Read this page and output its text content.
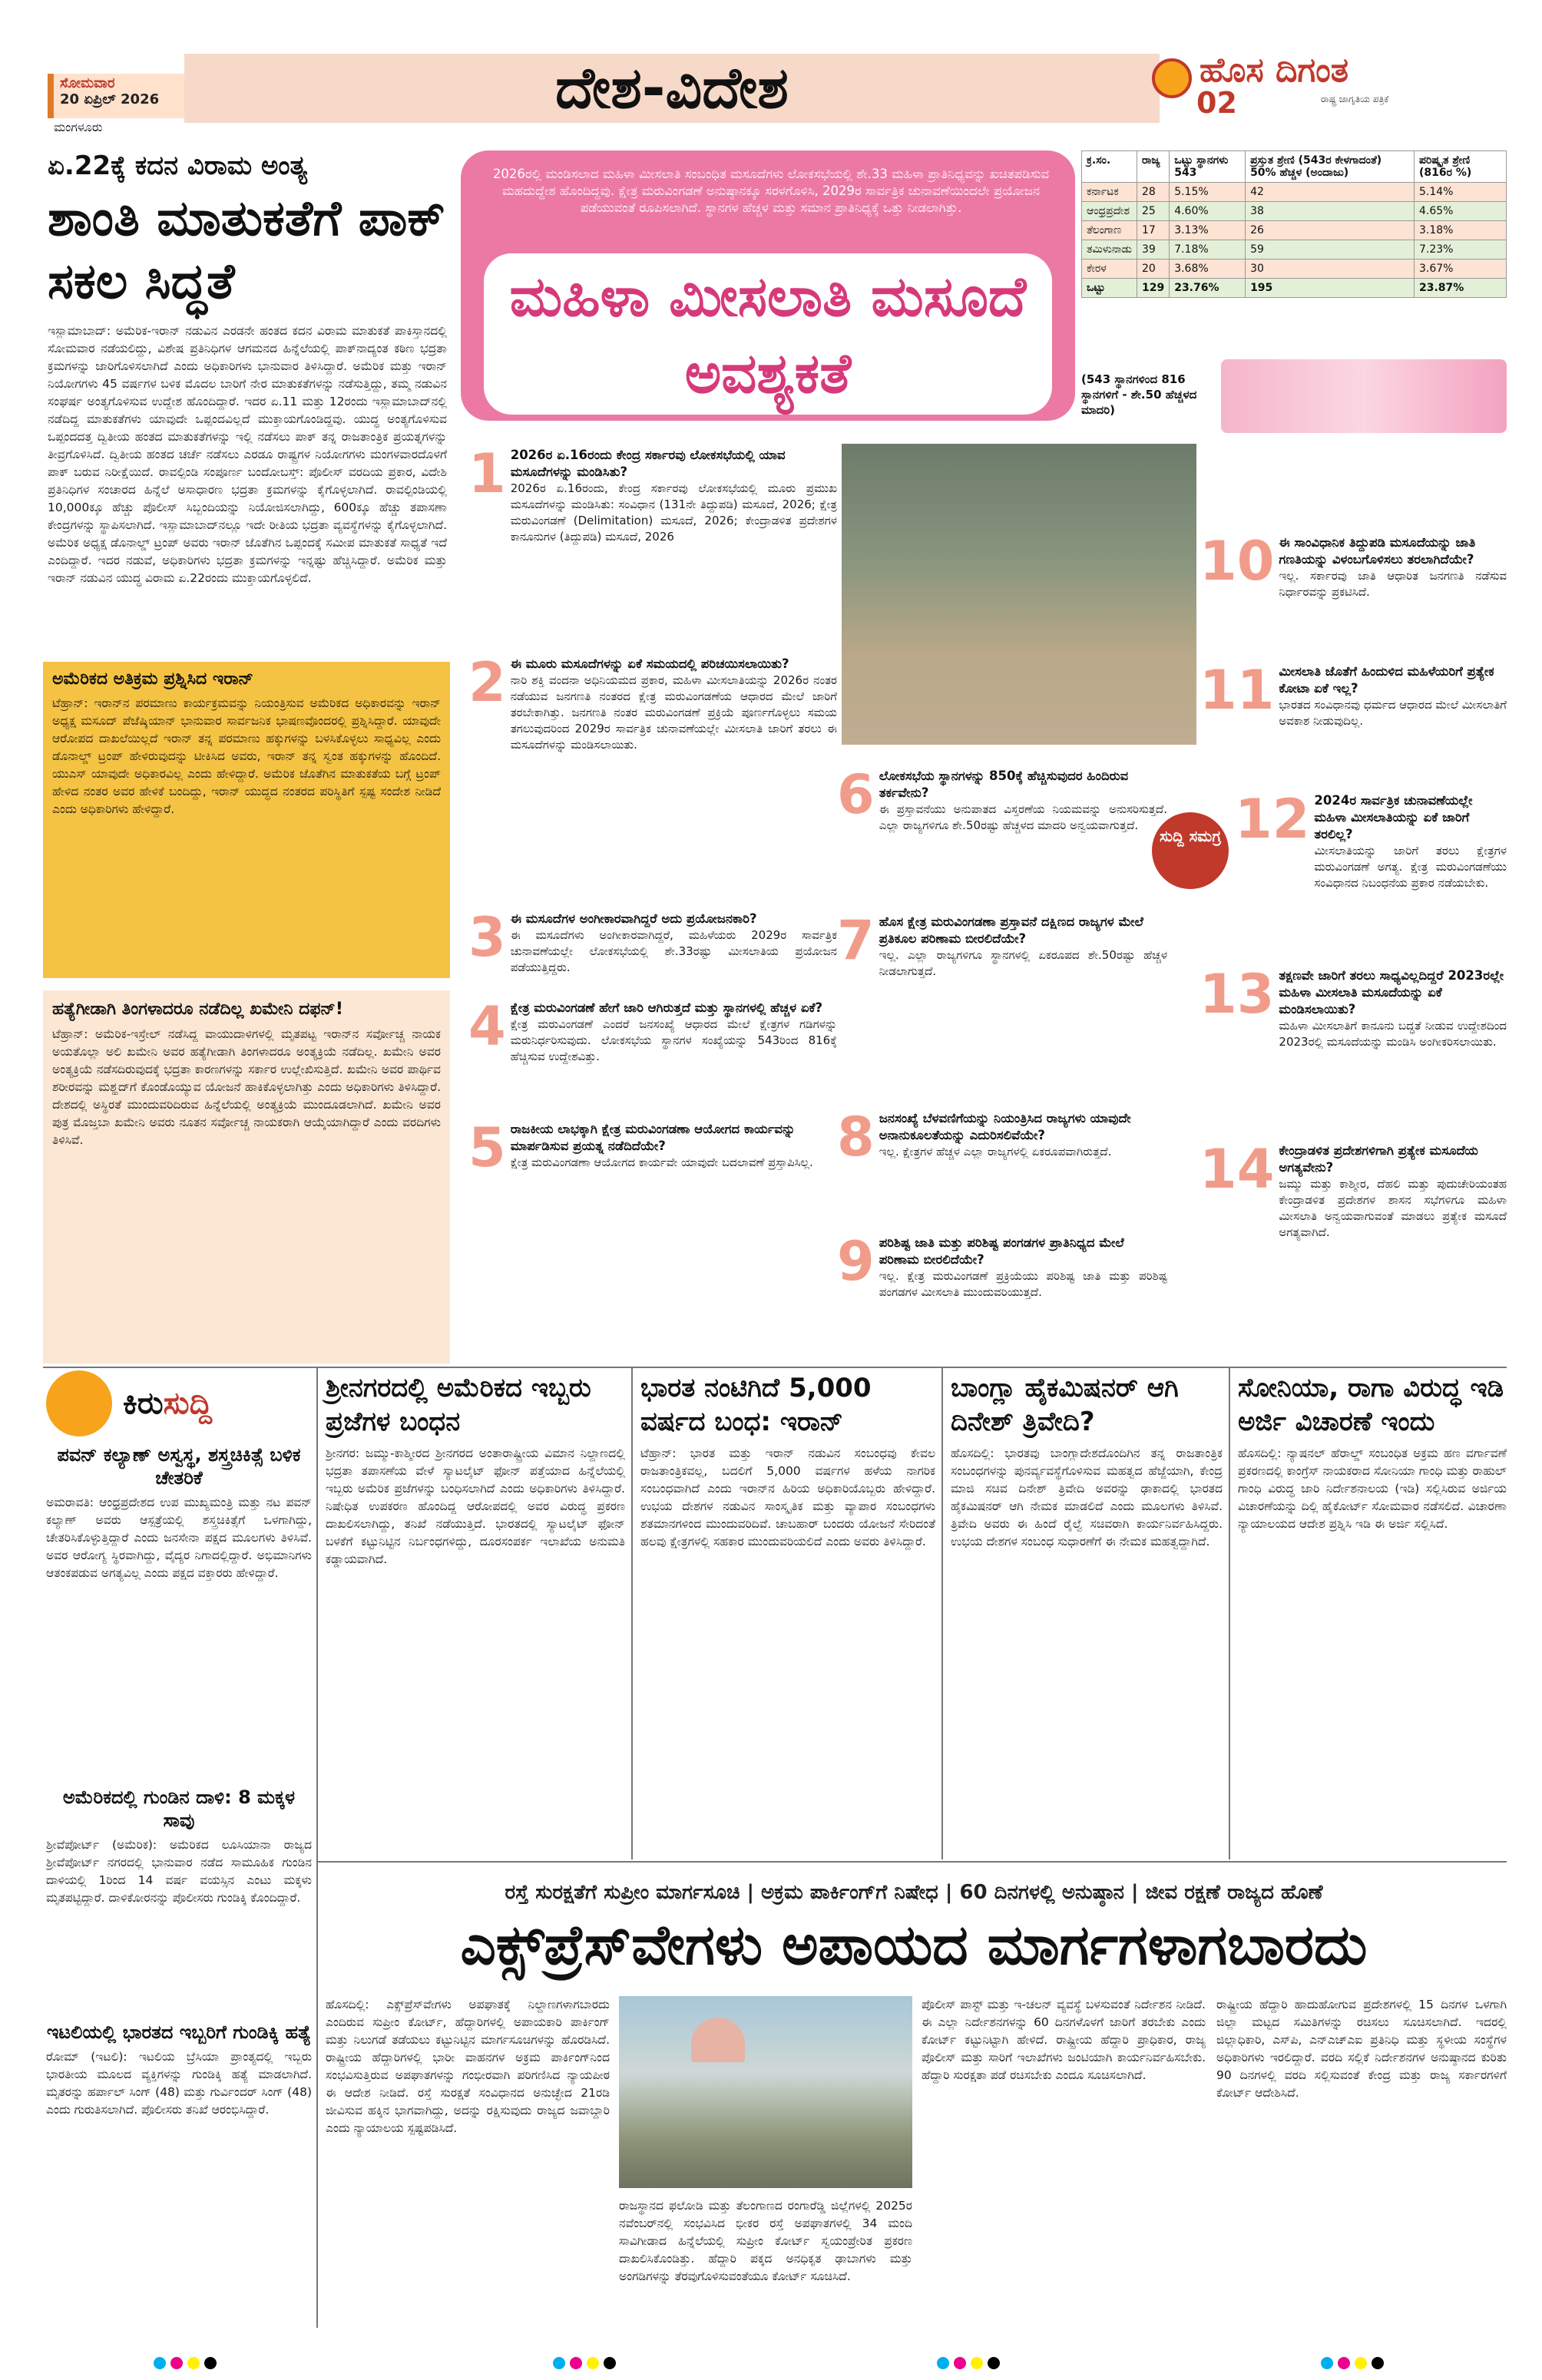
ಸೋಮವಾರ
20 ಏಪ್ರಿಲ್ 2026
ಮಂಗಳೂರು
ದೇಶ-ವಿದೇಶ	ಹೊಸ ದಿಗಂತ
02	ರಾಷ್ಟ್ರ ಜಾಗೃತಿಯ ಪತ್ರಿಕೆ
ಏ.22ಕ್ಕೆ ಕದನ ವಿರಾಮ ಅಂತ್ಯ
ಶಾಂತಿ ಮಾತುಕತೆಗೆ ಪಾಕ್ ಸಕಲ ಸಿದ್ಧತೆ
ಇಸ್ಲಾಮಾಬಾದ್: ಅಮೆರಿಕ-ಇರಾನ್ ನಡುವಿನ ಎರಡನೇ ಹಂತದ ಕದನ ವಿರಾಮ ಮಾತುಕತೆ ಪಾಕಿಸ್ತಾನದಲ್ಲಿ ಸೋಮವಾರ ನಡೆಯಲಿದ್ದು, ವಿಶೇಷ ಪ್ರತಿನಿಧಿಗಳ ಆಗಮನದ ಹಿನ್ನೆಲೆಯಲ್ಲಿ ಪಾಕ್‌ನಾದ್ಯಂತ ಕಠಿಣ ಭದ್ರತಾ ಕ್ರಮಗಳನ್ನು ಜಾರಿಗೊಳಿಸಲಾಗಿದೆ ಎಂದು ಅಧಿಕಾರಿಗಳು ಭಾನುವಾರ ತಿಳಿಸಿದ್ದಾರೆ. ಅಮೆರಿಕ ಮತ್ತು ಇರಾನ್ ನಿಯೋಗಗಳು 45 ವರ್ಷಗಳ ಬಳಿಕ ಮೊದಲ ಬಾರಿಗೆ ನೇರ ಮಾತುಕತೆಗಳನ್ನು ನಡೆಸುತ್ತಿದ್ದು, ತಮ್ಮ ನಡುವಿನ ಸಂಘರ್ಷ ಅಂತ್ಯಗೊಳಿಸುವ ಉದ್ದೇಶ ಹೊಂದಿದ್ದಾರೆ. ಇದರ ಏ.11 ಮತ್ತು 12ರಂದು ಇಸ್ಲಾಮಾಬಾದ್‌ನಲ್ಲಿ ನಡೆದಿದ್ದ ಮಾತುಕತೆಗಳು ಯಾವುದೇ ಒಪ್ಪಂದವಿಲ್ಲದೆ ಮುಕ್ತಾಯಗೊಂಡಿದ್ದವು. ಯುದ್ಧ ಅಂತ್ಯಗೊಳಿಸುವ ಒಪ್ಪಂದದತ್ತ ದ್ವಿತೀಯ ಹಂತದ ಮಾತುಕತೆಗಳನ್ನು ಇಲ್ಲಿ ನಡೆಸಲು ಪಾಕ್ ತನ್ನ ರಾಜತಾಂತ್ರಿಕ ಪ್ರಯತ್ನಗಳನ್ನು ತೀವ್ರಗೊಳಿಸಿದೆ. ದ್ವಿತೀಯ ಹಂತದ ಚರ್ಚೆ ನಡೆಸಲು ಎರಡೂ ರಾಷ್ಟ್ರಗಳ ನಿಯೋಗಗಳು ಮಂಗಳವಾರದೊಳಗೆ ಪಾಕ್ ಬರುವ ನಿರೀಕ್ಷೆಯಿದೆ. ರಾವಲ್ಪಿಂಡಿ ಸಂಪೂರ್ಣ ಬಂದೋಬಸ್ತ್: ಪೊಲೀಸ್ ವರದಿಯ ಪ್ರಕಾರ, ವಿದೇಶಿ ಪ್ರತಿನಿಧಿಗಳ ಸಂಚಾರದ ಹಿನ್ನೆಲೆ ಅಸಾಧಾರಣ ಭದ್ರತಾ ಕ್ರಮಗಳನ್ನು ಕೈಗೊಳ್ಳಲಾಗಿದೆ. ರಾವಲ್ಪಿಂಡಿಯಲ್ಲಿ 10,000ಕ್ಕೂ ಹೆಚ್ಚು ಪೊಲೀಸ್ ಸಿಬ್ಬಂದಿಯನ್ನು ನಿಯೋಜಿಸಲಾಗಿದ್ದು, 600ಕ್ಕೂ ಹೆಚ್ಚು ತಪಾಸಣಾ ಕೇಂದ್ರಗಳನ್ನು ಸ್ಥಾಪಿಸಲಾಗಿದೆ. ಇಸ್ಲಾಮಾಬಾದ್‌ನಲ್ಲೂ ಇದೇ ರೀತಿಯ ಭದ್ರತಾ ವ್ಯವಸ್ಥೆಗಳನ್ನು ಕೈಗೊಳ್ಳಲಾಗಿದೆ. ಅಮೆರಿಕ ಅಧ್ಯಕ್ಷ ಡೊನಾಲ್ಡ್ ಟ್ರಂಪ್ ಅವರು ಇರಾನ್ ಜೊತೆಗಿನ ಒಪ್ಪಂದಕ್ಕೆ ಸಮೀಪ ಮಾತುಕತೆ ಸಾಧ್ಯತೆ ಇದೆ ಎಂದಿದ್ದಾರೆ. ಇದರ ನಡುವೆ, ಅಧಿಕಾರಿಗಳು ಭದ್ರತಾ ಕ್ರಮಗಳನ್ನು ಇನ್ನಷ್ಟು ಹೆಚ್ಚಿಸಿದ್ದಾರೆ. ಅಮೆರಿಕ ಮತ್ತು ಇರಾನ್ ನಡುವಿನ ಯುದ್ಧ ವಿರಾಮ ಏ.22ರಂದು ಮುಕ್ತಾಯಗೊಳ್ಳಲಿದೆ.
ಅಮೆರಿಕದ ಅತಿಕ್ರಮ ಪ್ರಶ್ನಿಸಿದ ಇರಾನ್
ಟೆಹ್ರಾನ್: ಇರಾನ್‌ನ ಪರಮಾಣು ಕಾರ್ಯಕ್ರಮವನ್ನು ನಿಯಂತ್ರಿಸುವ ಅಮೆರಿಕದ ಅಧಿಕಾರವನ್ನು ಇರಾನ್ ಅಧ್ಯಕ್ಷ ಮಸೂದ್ ಪೆಜೆಷ್ಕಿಯಾನ್ ಭಾನುವಾರ ಸಾರ್ವಜನಿಕ ಭಾಷಣವೊಂದರಲ್ಲಿ ಪ್ರಶ್ನಿಸಿದ್ದಾರೆ. ಯಾವುದೇ ಆರೋಪದ ದಾಖಲೆಯಿಲ್ಲದೆ ಇರಾನ್ ತನ್ನ ಪರಮಾಣು ಹಕ್ಕುಗಳನ್ನು ಬಳಸಿಕೊಳ್ಳಲು ಸಾಧ್ಯವಿಲ್ಲ ಎಂದು ಡೊನಾಲ್ಡ್ ಟ್ರಂಪ್ ಹೇಳಿರುವುದನ್ನು ಟೀಕಿಸಿದ ಅವರು, ಇರಾನ್ ತನ್ನ ಸ್ವಂತ ಹಕ್ಕುಗಳನ್ನು ಹೊಂದಿದೆ. ಯುಎಸ್ ಯಾವುದೇ ಅಧಿಕಾರವಿಲ್ಲ ಎಂದು ಹೇಳಿದ್ದಾರೆ. ಅಮೆರಿಕ ಜೊತೆಗಿನ ಮಾತುಕತೆಯ ಬಗ್ಗೆ ಟ್ರಂಪ್ ಹೇಳಿದ ನಂತರ ಅವರ ಹೇಳಿಕೆ ಬಂದಿದ್ದು, ಇರಾನ್ ಯುದ್ಧದ ನಂತರದ ಪರಿಸ್ಥಿತಿಗೆ ಸ್ಪಷ್ಟ ಸಂದೇಶ ನೀಡಿದೆ ಎಂದು ಅಧಿಕಾರಿಗಳು ಹೇಳಿದ್ದಾರೆ.
ಹತ್ಯೆಗೀಡಾಗಿ ತಿಂಗಳಾದರೂ ನಡೆದಿಲ್ಲ ಖಮೇನಿ ದಫನ್!
ಟೆಹ್ರಾನ್: ಅಮೆರಿಕ-ಇಸ್ರೇಲ್ ನಡೆಸಿದ್ದ ವಾಯುದಾಳಿಗಳಲ್ಲಿ ಮೃತಪಟ್ಟ ಇರಾನ್‌ನ ಸರ್ವೋಚ್ಚ ನಾಯಕ ಅಯತೊಲ್ಲಾ ಅಲಿ ಖಮೇನಿ ಅವರ ಹತ್ಯೆಗೀಡಾಗಿ ತಿಂಗಳಾದರೂ ಅಂತ್ಯಕ್ರಿಯೆ ನಡೆದಿಲ್ಲ. ಖಮೇನಿ ಅವರ ಅಂತ್ಯಕ್ರಿಯೆ ನಡೆಸದಿರುವುದಕ್ಕೆ ಭದ್ರತಾ ಕಾರಣಗಳನ್ನು ಸರ್ಕಾರ ಉಲ್ಲೇಖಿಸುತ್ತಿದೆ. ಖಮೇನಿ ಅವರ ಪಾರ್ಥಿವ ಶರೀರವನ್ನು ಮಶ್ಹದ್‌ಗೆ ಕೊಂಡೊಯ್ಯುವ ಯೋಜನೆ ಹಾಕಿಕೊಳ್ಳಲಾಗಿತ್ತು ಎಂದು ಅಧಿಕಾರಿಗಳು ತಿಳಿಸಿದ್ದಾರೆ. ದೇಶದಲ್ಲಿ ಅಸ್ಥಿರತೆ ಮುಂದುವರಿದಿರುವ ಹಿನ್ನೆಲೆಯಲ್ಲಿ ಅಂತ್ಯಕ್ರಿಯೆ ಮುಂದೂಡಲಾಗಿದೆ. ಖಮೇನಿ ಅವರ ಪುತ್ರ ಮೊಜ್ತಬಾ ಖಮೇನಿ ಅವರು ನೂತನ ಸರ್ವೋಚ್ಚ ನಾಯಕರಾಗಿ ಆಯ್ಕೆಯಾಗಿದ್ದಾರೆ ಎಂದು ವರದಿಗಳು ತಿಳಿಸಿವೆ.
2026ರಲ್ಲಿ ಮಂಡಿಸಲಾದ ಮಹಿಳಾ ಮೀಸಲಾತಿ ಸಂಬಂಧಿತ ಮಸೂದೆಗಳು ಲೋಕಸಭೆಯಲ್ಲಿ ಶೇ.33 ಮಹಿಳಾ ಪ್ರಾತಿನಿಧ್ಯವನ್ನು ಖಚಿತಪಡಿಸುವ ಮಹದುದ್ದೇಶ ಹೊಂದಿದ್ದವು. ಕ್ಷೇತ್ರ ಮರುವಿಂಗಡಣೆ ಅನುಷ್ಠಾನಕ್ಕೂ ಸರಳಗೊಳಿಸಿ, 2029ರ ಸಾರ್ವತ್ರಿಕ ಚುನಾವಣೆಯಿಂದಲೇ ಪ್ರಯೋಜನ ಪಡೆಯುವಂತೆ ರೂಪಿಸಲಾಗಿದೆ. ಸ್ಥಾನಗಳ ಹೆಚ್ಚಳ ಮತ್ತು ಸಮಾನ ಪ್ರಾತಿನಿಧ್ಯಕ್ಕೆ ಒತ್ತು ನೀಡಲಾಗಿತ್ತು.
ಮಹಿಳಾ ಮೀಸಲಾತಿ ಮಸೂದೆ ಅವಶ್ಯಕತೆ
ಕ್ರ.ಸಂ.	ರಾಜ್ಯ	ಒಟ್ಟು ಸ್ಥಾನಗಳು 543	ಪ್ರಸ್ತುತ ಶ್ರೇಣಿ (543ರ ಕೇಳಗಾದಂತೆ) 50% ಹೆಚ್ಚಳ (ಅಂದಾಜು)	ಪರಿಷ್ಕೃತ ಶ್ರೇಣಿ (816ರ %)
ಕರ್ನಾಟಕ	28	5.15%	42	5.14%
ಆಂಧ್ರಪ್ರದೇಶ	25	4.60%	38	4.65%
ತೆಲಂಗಾಣ	17	3.13%	26	3.18%
ತಮಿಳುನಾಡು	39	7.18%	59	7.23%
ಕೇರಳ	20	3.68%	30	3.67%
ಒಟ್ಟು	129	23.76%	195	23.87%
(543 ಸ್ಥಾನಗಳಿಂದ 816 ಸ್ಥಾನಗಳಿಗೆ - ಶೇ.50 ಹೆಚ್ಚಳದ ಮಾದರಿ)
1 2026ರ ಏ.16ರಂದು ಕೇಂದ್ರ ಸರ್ಕಾರವು ಲೋಕಸಭೆಯಲ್ಲಿ ಯಾವ ಮಸೂದೆಗಳನ್ನು ಮಂಡಿಸಿತು?
2026ರ ಏ.16ರಂದು, ಕೇಂದ್ರ ಸರ್ಕಾರವು ಲೋಕಸಭೆಯಲ್ಲಿ ಮೂರು ಪ್ರಮುಖ ಮಸೂದೆಗಳನ್ನು ಮಂಡಿಸಿತು: ಸಂವಿಧಾನ (131ನೇ ತಿದ್ದುಪಡಿ) ಮಸೂದೆ, 2026; ಕ್ಷೇತ್ರ ಮರುವಿಂಗಡಣೆ (Delimitation) ಮಸೂದೆ, 2026; ಕೇಂದ್ರಾಡಳಿತ ಪ್ರದೇಶಗಳ ಕಾನೂನುಗಳ (ತಿದ್ದುಪಡಿ) ಮಸೂದೆ, 2026
2 ಈ ಮೂರು ಮಸೂದೆಗಳನ್ನು ಏಕೆ ಸಮಯದಲ್ಲಿ ಪರಿಚಯಿಸಲಾಯಿತು?
ನಾರಿ ಶಕ್ತಿ ವಂದನಾ ಅಧಿನಿಯಮದ ಪ್ರಕಾರ, ಮಹಿಳಾ ಮೀಸಲಾತಿಯನ್ನು 2026ರ ನಂತರ ನಡೆಯುವ ಜನಗಣತಿ ನಂತರದ ಕ್ಷೇತ್ರ ಮರುವಿಂಗಡಣೆಯ ಆಧಾರದ ಮೇಲೆ ಜಾರಿಗೆ ತರಬೇಕಾಗಿತ್ತು. ಜನಗಣತಿ ನಂತರ ಮರುವಿಂಗಡಣೆ ಪ್ರಕ್ರಿಯೆ ಪೂರ್ಣಗೊಳ್ಳಲು ಸಮಯ ತಗಲುವುದರಿಂದ 2029ರ ಸಾರ್ವತ್ರಿಕ ಚುನಾವಣೆಯಲ್ಲೇ ಮೀಸಲಾತಿ ಜಾರಿಗೆ ತರಲು ಈ ಮಸೂದೆಗಳನ್ನು ಮಂಡಿಸಲಾಯಿತು.
3 ಈ ಮಸೂದೆಗಳ ಅಂಗೀಕಾರವಾಗಿದ್ದರೆ ಅದು ಪ್ರಯೋಜನಕಾರಿ?
ಈ ಮಸೂದೆಗಳು ಅಂಗೀಕಾರವಾಗಿದ್ದರೆ, ಮಹಿಳೆಯರು 2029ರ ಸಾರ್ವತ್ರಿಕ ಚುನಾವಣೆಯಲ್ಲೇ ಲೋಕಸಭೆಯಲ್ಲಿ ಶೇ.33ರಷ್ಟು ಮೀಸಲಾತಿಯ ಪ್ರಯೋಜನ ಪಡೆಯುತ್ತಿದ್ದರು.
4 ಕ್ಷೇತ್ರ ಮರುವಿಂಗಡಣೆ ಹೇಗೆ ಜಾರಿ ಆಗಿರುತ್ತದೆ ಮತ್ತು ಸ್ಥಾನಗಳಲ್ಲಿ ಹೆಚ್ಚಳ ಏಕೆ?
ಕ್ಷೇತ್ರ ಮರುವಿಂಗಡಣೆ ಎಂದರೆ ಜನಸಂಖ್ಯೆ ಆಧಾರದ ಮೇಲೆ ಕ್ಷೇತ್ರಗಳ ಗಡಿಗಳನ್ನು ಮರುನಿರ್ಧರಿಸುವುದು. ಲೋಕಸಭೆಯ ಸ್ಥಾನಗಳ ಸಂಖ್ಯೆಯನ್ನು 543ರಿಂದ 816ಕ್ಕೆ ಹೆಚ್ಚಿಸುವ ಉದ್ದೇಶವಿತ್ತು.
5 ರಾಜಕೀಯ ಲಾಭಕ್ಕಾಗಿ ಕ್ಷೇತ್ರ ಮರುವಿಂಗಡಣಾ ಆಯೋಗದ ಕಾರ್ಯವನ್ನು ಮಾರ್ಪಡಿಸುವ ಪ್ರಯತ್ನ ನಡೆದಿದೆಯೇ?
ಕ್ಷೇತ್ರ ಮರುವಿಂಗಡಣಾ ಆಯೋಗದ ಕಾರ್ಯವೇ ಯಾವುದೇ ಬದಲಾವಣೆ ಪ್ರಸ್ತಾಪಿಸಿಲ್ಲ.
6 ಲೋಕಸಭೆಯ ಸ್ಥಾನಗಳನ್ನು 850ಕ್ಕೆ ಹೆಚ್ಚಿಸುವುದರ ಹಿಂದಿರುವ ತರ್ಕವೇನು?
ಈ ಪ್ರಸ್ತಾವನೆಯು ಅನುಪಾತದ ವಿಸ್ತರಣೆಯ ನಿಯಮವನ್ನು ಅನುಸರಿಸುತ್ತದೆ. ಎಲ್ಲಾ ರಾಜ್ಯಗಳಿಗೂ ಶೇ.50ರಷ್ಟು ಹೆಚ್ಚಳದ ಮಾದರಿ ಅನ್ವಯವಾಗುತ್ತದೆ.
7 ಹೊಸ ಕ್ಷೇತ್ರ ಮರುವಿಂಗಡಣಾ ಪ್ರಸ್ತಾವನೆ ದಕ್ಷಿಣದ ರಾಜ್ಯಗಳ ಮೇಲೆ ಪ್ರತಿಕೂಲ ಪರಿಣಾಮ ಬೀರಲಿದೆಯೇ?
ಇಲ್ಲ. ಎಲ್ಲಾ ರಾಜ್ಯಗಳಿಗೂ ಸ್ಥಾನಗಳಲ್ಲಿ ಏಕರೂಪದ ಶೇ.50ರಷ್ಟು ಹೆಚ್ಚಳ ನೀಡಲಾಗುತ್ತದೆ.
8 ಜನಸಂಖ್ಯೆ ಬೆಳವಣಿಗೆಯನ್ನು ನಿಯಂತ್ರಿಸಿದ ರಾಜ್ಯಗಳು ಯಾವುದೇ ಅನಾನುಕೂಲತೆಯನ್ನು ಎದುರಿಸಲಿವೆಯೇ?
ಇಲ್ಲ. ಕ್ಷೇತ್ರಗಳ ಹೆಚ್ಚಳ ಎಲ್ಲಾ ರಾಜ್ಯಗಳಲ್ಲಿ ಏಕರೂಪವಾಗಿರುತ್ತದೆ.
9 ಪರಿಶಿಷ್ಟ ಜಾತಿ ಮತ್ತು ಪರಿಶಿಷ್ಟ ಪಂಗಡಗಳ ಪ್ರಾತಿನಿಧ್ಯದ ಮೇಲೆ ಪರಿಣಾಮ ಬೀರಲಿದೆಯೇ?
ಇಲ್ಲ. ಕ್ಷೇತ್ರ ಮರುವಿಂಗಡಣೆ ಪ್ರಕ್ರಿಯೆಯು ಪರಿಶಿಷ್ಟ ಜಾತಿ ಮತ್ತು ಪರಿಶಿಷ್ಟ ಪಂಗಡಗಳ ಮೀಸಲಾತಿ ಮುಂದುವರಿಯುತ್ತದೆ.
10 ಈ ಸಾಂವಿಧಾನಿಕ ತಿದ್ದುಪಡಿ ಮಸೂದೆಯನ್ನು ಜಾತಿ ಗಣತಿಯನ್ನು ವಿಳಂಬಗೊಳಿಸಲು ತರಲಾಗಿದೆಯೇ?
ಇಲ್ಲ. ಸರ್ಕಾರವು ಜಾತಿ ಆಧಾರಿತ ಜನಗಣತಿ ನಡೆಸುವ ನಿರ್ಧಾರವನ್ನು ಪ್ರಕಟಿಸಿದೆ.
11 ಮೀಸಲಾತಿ ಜೊತೆಗೆ ಹಿಂದುಳಿದ ಮಹಿಳೆಯರಿಗೆ ಪ್ರತ್ಯೇಕ ಕೋಟಾ ಏಕೆ ಇಲ್ಲ?
ಭಾರತದ ಸಂವಿಧಾನವು ಧರ್ಮದ ಆಧಾರದ ಮೇಲೆ ಮೀಸಲಾತಿಗೆ ಅವಕಾಶ ನೀಡುವುದಿಲ್ಲ.
12 2024ರ ಸಾರ್ವತ್ರಿಕ ಚುನಾವಣೆಯಲ್ಲೇ ಮಹಿಳಾ ಮೀಸಲಾತಿಯನ್ನು ಏಕೆ ಜಾರಿಗೆ ತರಲಿಲ್ಲ?
ಮೀಸಲಾತಿಯನ್ನು ಜಾರಿಗೆ ತರಲು ಕ್ಷೇತ್ರಗಳ ಮರುವಿಂಗಡಣೆ ಅಗತ್ಯ. ಕ್ಷೇತ್ರ ಮರುವಿಂಗಡಣೆಯು ಸಂವಿಧಾನದ ನಿಬಂಧನೆಯ ಪ್ರಕಾರ ನಡೆಯಬೇಕು.
13 ತಕ್ಷಣವೇ ಜಾರಿಗೆ ತರಲು ಸಾಧ್ಯವಿಲ್ಲದಿದ್ದರೆ 2023ರಲ್ಲೇ ಮಹಿಳಾ ಮೀಸಲಾತಿ ಮಸೂದೆಯನ್ನು ಏಕೆ ಮಂಡಿಸಲಾಯಿತು?
ಮಹಿಳಾ ಮೀಸಲಾತಿಗೆ ಕಾನೂನು ಬದ್ಧತೆ ನೀಡುವ ಉದ್ದೇಶದಿಂದ 2023ರಲ್ಲಿ ಮಸೂದೆಯನ್ನು ಮಂಡಿಸಿ ಅಂಗೀಕರಿಸಲಾಯಿತು.
14 ಕೇಂದ್ರಾಡಳಿತ ಪ್ರದೇಶಗಳಿಗಾಗಿ ಪ್ರತ್ಯೇಕ ಮಸೂದೆಯ ಅಗತ್ಯವೇನು?
ಜಮ್ಮು ಮತ್ತು ಕಾಶ್ಮೀರ, ದೆಹಲಿ ಮತ್ತು ಪುದುಚೇರಿಯಂತಹ ಕೇಂದ್ರಾಡಳಿತ ಪ್ರದೇಶಗಳ ಶಾಸನ ಸಭೆಗಳಿಗೂ ಮಹಿಳಾ ಮೀಸಲಾತಿ ಅನ್ವಯವಾಗುವಂತೆ ಮಾಡಲು ಪ್ರತ್ಯೇಕ ಮಸೂದೆ ಅಗತ್ಯವಾಗಿದೆ.
ಸುದ್ದಿ ಸಮಗ್ರ
ಕಿರುಸುದ್ದಿ
ಪವನ್ ಕಲ್ಯಾಣ್ ಅಸ್ವಸ್ಥ, ಶಸ್ತ್ರಚಿಕಿತ್ಸೆ ಬಳಿಕ ಚೇತರಿಕೆ
ಅಮರಾವತಿ: ಆಂಧ್ರಪ್ರದೇಶದ ಉಪ ಮುಖ್ಯಮಂತ್ರಿ ಮತ್ತು ನಟ ಪವನ್ ಕಲ್ಯಾಣ್ ಅವರು ಆಸ್ಪತ್ರೆಯಲ್ಲಿ ಶಸ್ತ್ರಚಿಕಿತ್ಸೆಗೆ ಒಳಗಾಗಿದ್ದು, ಚೇತರಿಸಿಕೊಳ್ಳುತ್ತಿದ್ದಾರೆ ಎಂದು ಜನಸೇನಾ ಪಕ್ಷದ ಮೂಲಗಳು ತಿಳಿಸಿವೆ. ಅವರ ಆರೋಗ್ಯ ಸ್ಥಿರವಾಗಿದ್ದು, ವೈದ್ಯರ ನಿಗಾದಲ್ಲಿದ್ದಾರೆ. ಅಭಿಮಾನಿಗಳು ಆತಂಕಪಡುವ ಅಗತ್ಯವಿಲ್ಲ ಎಂದು ಪಕ್ಷದ ವಕ್ತಾರರು ಹೇಳಿದ್ದಾರೆ.
ಅಮೆರಿಕದಲ್ಲಿ ಗುಂಡಿನ ದಾಳಿ: 8 ಮಕ್ಕಳ ಸಾವು
ಶ್ರೀವೆಪೋರ್ಟ್ (ಅಮೆರಿಕ): ಅಮೆರಿಕದ ಲೂಸಿಯಾನಾ ರಾಜ್ಯದ ಶ್ರೀವೆಪೋರ್ಟ್ ನಗರದಲ್ಲಿ ಭಾನುವಾರ ನಡೆದ ಸಾಮೂಹಿಕ ಗುಂಡಿನ ದಾಳಿಯಲ್ಲಿ 1ರಿಂದ 14 ವರ್ಷ ವಯಸ್ಸಿನ ಎಂಟು ಮಕ್ಕಳು ಮೃತಪಟ್ಟಿದ್ದಾರೆ. ದಾಳಿಕೋರನನ್ನು ಪೊಲೀಸರು ಗುಂಡಿಕ್ಕಿ ಕೊಂದಿದ್ದಾರೆ.
ಇಟಲಿಯಲ್ಲಿ ಭಾರತದ ಇಬ್ಬರಿಗೆ ಗುಂಡಿಕ್ಕಿ ಹತ್ಯೆ
ರೋಮ್ (ಇಟಲಿ): ಇಟಲಿಯ ಬ್ರೆಸಿಯಾ ಪ್ರಾಂತ್ಯದಲ್ಲಿ ಇಬ್ಬರು ಭಾರತೀಯ ಮೂಲದ ವ್ಯಕ್ತಿಗಳನ್ನು ಗುಂಡಿಕ್ಕಿ ಹತ್ಯೆ ಮಾಡಲಾಗಿದೆ. ಮೃತರನ್ನು ಹರ್ಪಾಲ್ ಸಿಂಗ್ (48) ಮತ್ತು ಗುರ್ವಿಂದರ್ ಸಿಂಗ್ (48) ಎಂದು ಗುರುತಿಸಲಾಗಿದೆ. ಪೊಲೀಸರು ತನಿಖೆ ಆರಂಭಿಸಿದ್ದಾರೆ.
ಶ್ರೀನಗರದಲ್ಲಿ ಅಮೆರಿಕದ ಇಬ್ಬರು ಪ್ರಜೆಗಳ ಬಂಧನ
ಶ್ರೀನಗರ: ಜಮ್ಮು-ಕಾಶ್ಮೀರದ ಶ್ರೀನಗರದ ಅಂತಾರಾಷ್ಟ್ರೀಯ ವಿಮಾನ ನಿಲ್ದಾಣದಲ್ಲಿ ಭದ್ರತಾ ತಪಾಸಣೆಯ ವೇಳೆ ಸ್ಯಾಟಲೈಟ್ ಫೋನ್ ಪತ್ತೆಯಾದ ಹಿನ್ನೆಲೆಯಲ್ಲಿ ಇಬ್ಬರು ಅಮೆರಿಕ ಪ್ರಜೆಗಳನ್ನು ಬಂಧಿಸಲಾಗಿದೆ ಎಂದು ಅಧಿಕಾರಿಗಳು ತಿಳಿಸಿದ್ದಾರೆ. ನಿಷೇಧಿತ ಉಪಕರಣ ಹೊಂದಿದ್ದ ಆರೋಪದಲ್ಲಿ ಅವರ ವಿರುದ್ಧ ಪ್ರಕರಣ ದಾಖಲಿಸಲಾಗಿದ್ದು, ತನಿಖೆ ನಡೆಯುತ್ತಿದೆ. ಭಾರತದಲ್ಲಿ ಸ್ಯಾಟಲೈಟ್ ಫೋನ್ ಬಳಕೆಗೆ ಕಟ್ಟುನಿಟ್ಟಿನ ನಿರ್ಬಂಧಗಳಿದ್ದು, ದೂರಸಂಪರ್ಕ ಇಲಾಖೆಯ ಅನುಮತಿ ಕಡ್ಡಾಯವಾಗಿದೆ.
ಭಾರತ ನಂಟಿಗಿದೆ 5,000 ವರ್ಷದ ಬಂಧ: ಇರಾನ್
ಟೆಹ್ರಾನ್: ಭಾರತ ಮತ್ತು ಇರಾನ್ ನಡುವಿನ ಸಂಬಂಧವು ಕೇವಲ ರಾಜತಾಂತ್ರಿಕವಲ್ಲ, ಬದಲಿಗೆ 5,000 ವರ್ಷಗಳ ಹಳೆಯ ನಾಗರಿಕ ಸಂಬಂಧವಾಗಿದೆ ಎಂದು ಇರಾನ್‌ನ ಹಿರಿಯ ಅಧಿಕಾರಿಯೊಬ್ಬರು ಹೇಳಿದ್ದಾರೆ. ಉಭಯ ದೇಶಗಳ ನಡುವಿನ ಸಾಂಸ್ಕೃತಿಕ ಮತ್ತು ವ್ಯಾಪಾರ ಸಂಬಂಧಗಳು ಶತಮಾನಗಳಿಂದ ಮುಂದುವರಿದಿವೆ. ಚಾಬಹಾರ್ ಬಂದರು ಯೋಜನೆ ಸೇರಿದಂತೆ ಹಲವು ಕ್ಷೇತ್ರಗಳಲ್ಲಿ ಸಹಕಾರ ಮುಂದುವರಿಯಲಿದೆ ಎಂದು ಅವರು ತಿಳಿಸಿದ್ದಾರೆ.
ಬಾಂಗ್ಲಾ ಹೈಕಮಿಷನರ್ ಆಗಿ ದಿನೇಶ್ ತ್ರಿವೇದಿ?
ಹೊಸದಿಲ್ಲಿ: ಭಾರತವು ಬಾಂಗ್ಲಾದೇಶದೊಂದಿಗಿನ ತನ್ನ ರಾಜತಾಂತ್ರಿಕ ಸಂಬಂಧಗಳನ್ನು ಪುನರ್ವ್ಯವಸ್ಥೆಗೊಳಿಸುವ ಮಹತ್ವದ ಹೆಜ್ಜೆಯಾಗಿ, ಕೇಂದ್ರ ಮಾಜಿ ಸಚಿವ ದಿನೇಶ್ ತ್ರಿವೇದಿ ಅವರನ್ನು ಢಾಕಾದಲ್ಲಿ ಭಾರತದ ಹೈಕಮಿಷನರ್ ಆಗಿ ನೇಮಕ ಮಾಡಲಿದೆ ಎಂದು ಮೂಲಗಳು ತಿಳಿಸಿವೆ. ತ್ರಿವೇದಿ ಅವರು ಈ ಹಿಂದೆ ರೈಲ್ವೆ ಸಚಿವರಾಗಿ ಕಾರ್ಯನಿರ್ವಹಿಸಿದ್ದರು. ಉಭಯ ದೇಶಗಳ ಸಂಬಂಧ ಸುಧಾರಣೆಗೆ ಈ ನೇಮಕ ಮಹತ್ವದ್ದಾಗಿದೆ.
ಸೋನಿಯಾ, ರಾಗಾ ವಿರುದ್ಧ ಇಡಿ ಅರ್ಜಿ ವಿಚಾರಣೆ ಇಂದು
ಹೊಸದಿಲ್ಲಿ: ನ್ಯಾಷನಲ್ ಹೆರಾಲ್ಡ್ ಸಂಬಂಧಿತ ಅಕ್ರಮ ಹಣ ವರ್ಗಾವಣೆ ಪ್ರಕರಣದಲ್ಲಿ ಕಾಂಗ್ರೆಸ್ ನಾಯಕರಾದ ಸೋನಿಯಾ ಗಾಂಧಿ ಮತ್ತು ರಾಹುಲ್ ಗಾಂಧಿ ವಿರುದ್ಧ ಜಾರಿ ನಿರ್ದೇಶನಾಲಯ (ಇಡಿ) ಸಲ್ಲಿಸಿರುವ ಅರ್ಜಿಯ ವಿಚಾರಣೆಯನ್ನು ದಿಲ್ಲಿ ಹೈಕೋರ್ಟ್ ಸೋಮವಾರ ನಡೆಸಲಿದೆ. ವಿಚಾರಣಾ ನ್ಯಾಯಾಲಯದ ಆದೇಶ ಪ್ರಶ್ನಿಸಿ ಇಡಿ ಈ ಅರ್ಜಿ ಸಲ್ಲಿಸಿದೆ.
ರಸ್ತೆ ಸುರಕ್ಷತೆಗೆ ಸುಪ್ರೀಂ ಮಾರ್ಗಸೂಚಿ | ಅಕ್ರಮ ಪಾರ್ಕಿಂಗ್‌ಗೆ ನಿಷೇಧ | 60 ದಿನಗಳಲ್ಲಿ ಅನುಷ್ಠಾನ | ಜೀವ ರಕ್ಷಣೆ ರಾಜ್ಯದ ಹೊಣೆ
ಎಕ್ಸ್‌ಪ್ರೆಸ್‌ವೇಗಳು ಅಪಾಯದ ಮಾರ್ಗಗಳಾಗಬಾರದು
ಹೊಸದಿಲ್ಲಿ: ಎಕ್ಸ್‌ಪ್ರೆಸ್‌ವೇಗಳು ಅಪಘಾತಕ್ಕೆ ನಿಲ್ದಾಣಗಳಾಗಬಾರದು ಎಂದಿರುವ ಸುಪ್ರೀಂ ಕೋರ್ಟ್, ಹೆದ್ದಾರಿಗಳಲ್ಲಿ ಅಪಾಯಕಾರಿ ಪಾರ್ಕಿಂಗ್ ಮತ್ತು ನಿಲುಗಡೆ ತಡೆಯಲು ಕಟ್ಟುನಿಟ್ಟಿನ ಮಾರ್ಗಸೂಚಿಗಳನ್ನು ಹೊರಡಿಸಿದೆ. ರಾಷ್ಟ್ರೀಯ ಹೆದ್ದಾರಿಗಳಲ್ಲಿ ಭಾರೀ ವಾಹನಗಳ ಅಕ್ರಮ ಪಾರ್ಕಿಂಗ್‌ನಿಂದ ಸಂಭವಿಸುತ್ತಿರುವ ಅಪಘಾತಗಳನ್ನು ಗಂಭೀರವಾಗಿ ಪರಿಗಣಿಸಿದ ನ್ಯಾಯಪೀಠ ಈ ಆದೇಶ ನೀಡಿದೆ. ರಸ್ತೆ ಸುರಕ್ಷತೆ ಸಂವಿಧಾನದ ಅನುಚ್ಛೇದ 21ರಡಿ ಜೀವಿಸುವ ಹಕ್ಕಿನ ಭಾಗವಾಗಿದ್ದು, ಅದನ್ನು ರಕ್ಷಿಸುವುದು ರಾಜ್ಯದ ಜವಾಬ್ದಾರಿ ಎಂದು ನ್ಯಾಯಾಲಯ ಸ್ಪಷ್ಟಪಡಿಸಿದೆ.
ರಾಜಸ್ಥಾನದ ಫಲೋಡಿ ಮತ್ತು ತೆಲಂಗಾಣದ ರಂಗಾರೆಡ್ಡಿ ಜಿಲ್ಲೆಗಳಲ್ಲಿ 2025ರ ನವೆಂಬರ್‌ನಲ್ಲಿ ಸಂಭವಿಸಿದ ಭೀಕರ ರಸ್ತೆ ಅಪಘಾತಗಳಲ್ಲಿ 34 ಮಂದಿ ಸಾವಿಗೀಡಾದ ಹಿನ್ನೆಲೆಯಲ್ಲಿ ಸುಪ್ರೀಂ ಕೋರ್ಟ್ ಸ್ವಯಂಪ್ರೇರಿತ ಪ್ರಕರಣ ದಾಖಲಿಸಿಕೊಂಡಿತ್ತು. ಹೆದ್ದಾರಿ ಪಕ್ಕದ ಅನಧಿಕೃತ ಢಾಬಾಗಳು ಮತ್ತು ಅಂಗಡಿಗಳನ್ನು ತೆರವುಗೊಳಿಸುವಂತೆಯೂ ಕೋರ್ಟ್ ಸೂಚಿಸಿದೆ.
ಪೊಲೀಸ್ ಪಾಸ್ಟ್ ಮತ್ತು ಇ-ಚಲನ್ ವ್ಯವಸ್ಥೆ ಬಳಸುವಂತೆ ನಿರ್ದೇಶನ ನೀಡಿದೆ. ಈ ಎಲ್ಲಾ ನಿರ್ದೇಶನಗಳನ್ನು 60 ದಿನಗಳೊಳಗೆ ಜಾರಿಗೆ ತರಬೇಕು ಎಂದು ಕೋರ್ಟ್ ಕಟ್ಟುನಿಟ್ಟಾಗಿ ಹೇಳಿದೆ. ರಾಷ್ಟ್ರೀಯ ಹೆದ್ದಾರಿ ಪ್ರಾಧಿಕಾರ, ರಾಜ್ಯ ಪೊಲೀಸ್ ಮತ್ತು ಸಾರಿಗೆ ಇಲಾಖೆಗಳು ಜಂಟಿಯಾಗಿ ಕಾರ್ಯನಿರ್ವಹಿಸಬೇಕು. ಹೆದ್ದಾರಿ ಸುರಕ್ಷತಾ ಪಡೆ ರಚಿಸಬೇಕು ಎಂದೂ ಸೂಚಿಸಲಾಗಿದೆ.
ರಾಷ್ಟ್ರೀಯ ಹೆದ್ದಾರಿ ಹಾದುಹೋಗುವ ಪ್ರದೇಶಗಳಲ್ಲಿ 15 ದಿನಗಳ ಒಳಗಾಗಿ ಜಿಲ್ಲಾ ಮಟ್ಟದ ಸಮಿತಿಗಳನ್ನು ರಚಿಸಲು ಸೂಚಿಸಲಾಗಿದೆ. ಇದರಲ್ಲಿ ಜಿಲ್ಲಾಧಿಕಾರಿ, ಎಸ್‌ಪಿ, ಎನ್‌ಎಚ್‌ಎಐ ಪ್ರತಿನಿಧಿ ಮತ್ತು ಸ್ಥಳೀಯ ಸಂಸ್ಥೆಗಳ ಅಧಿಕಾರಿಗಳು ಇರಲಿದ್ದಾರೆ. ವರದಿ ಸಲ್ಲಿಕೆ ನಿರ್ದೇಶನಗಳ ಅನುಷ್ಠಾನದ ಕುರಿತು 90 ದಿನಗಳಲ್ಲಿ ವರದಿ ಸಲ್ಲಿಸುವಂತೆ ಕೇಂದ್ರ ಮತ್ತು ರಾಜ್ಯ ಸರ್ಕಾರಗಳಿಗೆ ಕೋರ್ಟ್ ಆದೇಶಿಸಿದೆ.
